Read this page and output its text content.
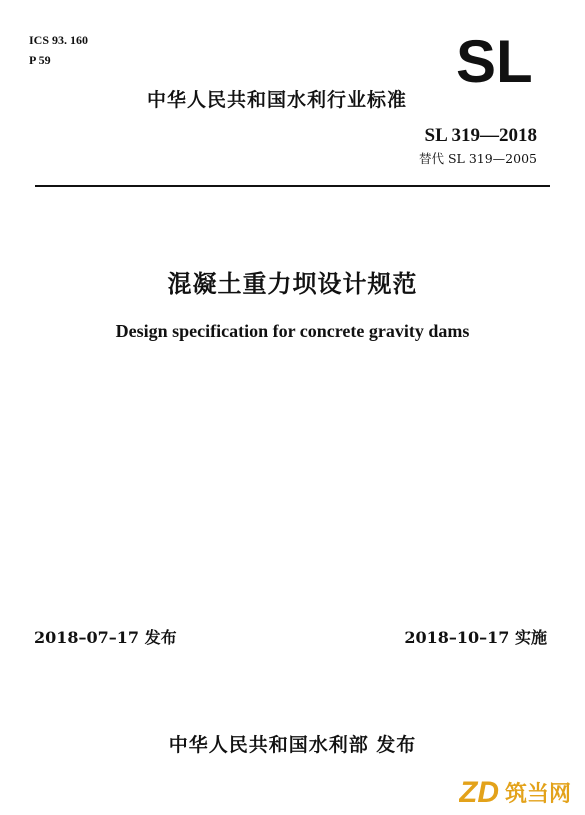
ICS 93. 160
P 59	SL
中华人民共和国水利行业标准
SL 319—2018
替代 SL 319—2005
混凝土重力坝设计规范
Design specification for concrete gravity dams
2018–07–17 发布	2018–10–17 实施
中华人民共和国水利部 发布
ZD 筑当网
